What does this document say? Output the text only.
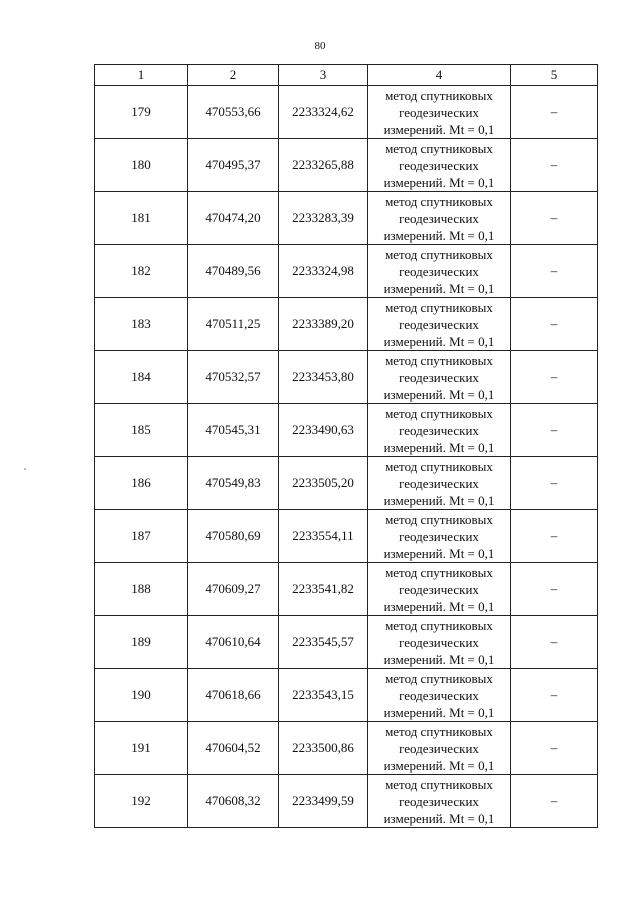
80
1	2	3	4	5
179	470553,66	2233324,62	метод спутниковых
геодезических
измерений. Mt = 0,1	–
180	470495,37	2233265,88	метод спутниковых
геодезических
измерений. Mt = 0,1	–
181	470474,20	2233283,39	метод спутниковых
геодезических
измерений. Mt = 0,1	–
182	470489,56	2233324,98	метод спутниковых
геодезических
измерений. Mt = 0,1	–
183	470511,25	2233389,20	метод спутниковых
геодезических
измерений. Mt = 0,1	–
184	470532,57	2233453,80	метод спутниковых
геодезических
измерений. Mt = 0,1	–
185	470545,31	2233490,63	метод спутниковых
геодезических
измерений. Mt = 0,1	–
186	470549,83	2233505,20	метод спутниковых
геодезических
измерений. Mt = 0,1	–
187	470580,69	2233554,11	метод спутниковых
геодезических
измерений. Mt = 0,1	–
188	470609,27	2233541,82	метод спутниковых
геодезических
измерений. Mt = 0,1	–
189	470610,64	2233545,57	метод спутниковых
геодезических
измерений. Mt = 0,1	–
190	470618,66	2233543,15	метод спутниковых
геодезических
измерений. Mt = 0,1	–
191	470604,52	2233500,86	метод спутниковых
геодезических
измерений. Mt = 0,1	–
192	470608,32	2233499,59	метод спутниковых
геодезических
измерений. Mt = 0,1	–
